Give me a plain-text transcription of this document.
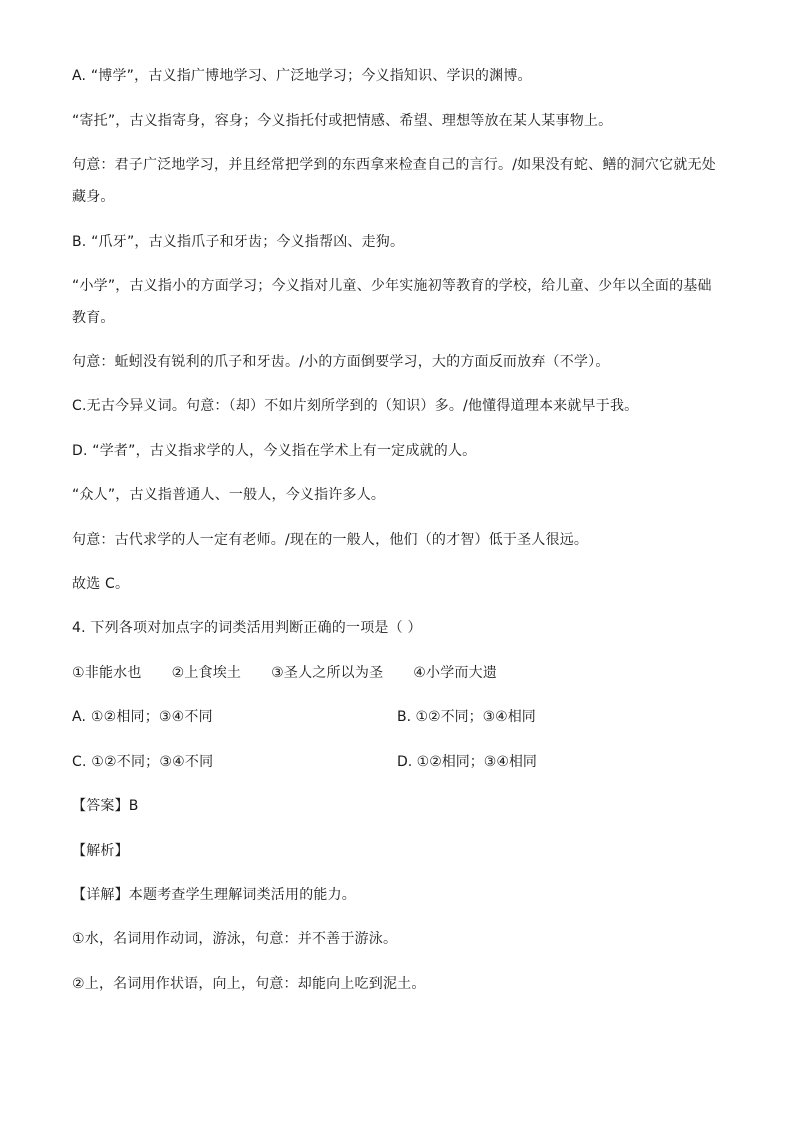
A. “博学”，古义指广博地学习、广泛地学习；今义指知识、学识的渊博。
“寄托”，古义指寄身，容身；今义指托付或把情感、希望、理想等放在某人某事物上。
句意：君子广泛地学习，并且经常把学到的东西拿来检查自己的言行。/如果没有蛇、鳝的洞穴它就无处
藏身。
B. “爪牙”，古义指爪子和牙齿；今义指帮凶、走狗。
“小学”，古义指小的方面学习；今义指对儿童、少年实施初等教育的学校，给儿童、少年以全面的基础
教育。
句意：蚯蚓没有锐利的爪子和牙齿。/小的方面倒要学习，大的方面反而放弃（不学）。
C.无古今异义词。句意：（却）不如片刻所学到的（知识）多。/他懂得道理本来就早于我。
D. “学者”，古义指求学的人，今义指在学术上有一定成就的人。
“众人”，古义指普通人、一般人，今义指许多人。
句意：古代求学的人一定有老师。/现在的一般人，他们（的才智）低于圣人很远。
故选 C。
4. 下列各项对加点字的词类活用判断正确的一项是（ ）
①非能水也 ②上食埃土 ③圣人之所以为圣 ④小学而大遗
A. ①②相同；③④不同	B. ①②不同；③④相同
C. ①②不同；③④不同	D. ①②相同；③④相同
【答案】B
【解析】
【详解】本题考查学生理解词类活用的能力。
①水，名词用作动词，游泳，句意：并不善于游泳。
②上，名词用作状语，向上，句意：却能向上吃到泥土。
